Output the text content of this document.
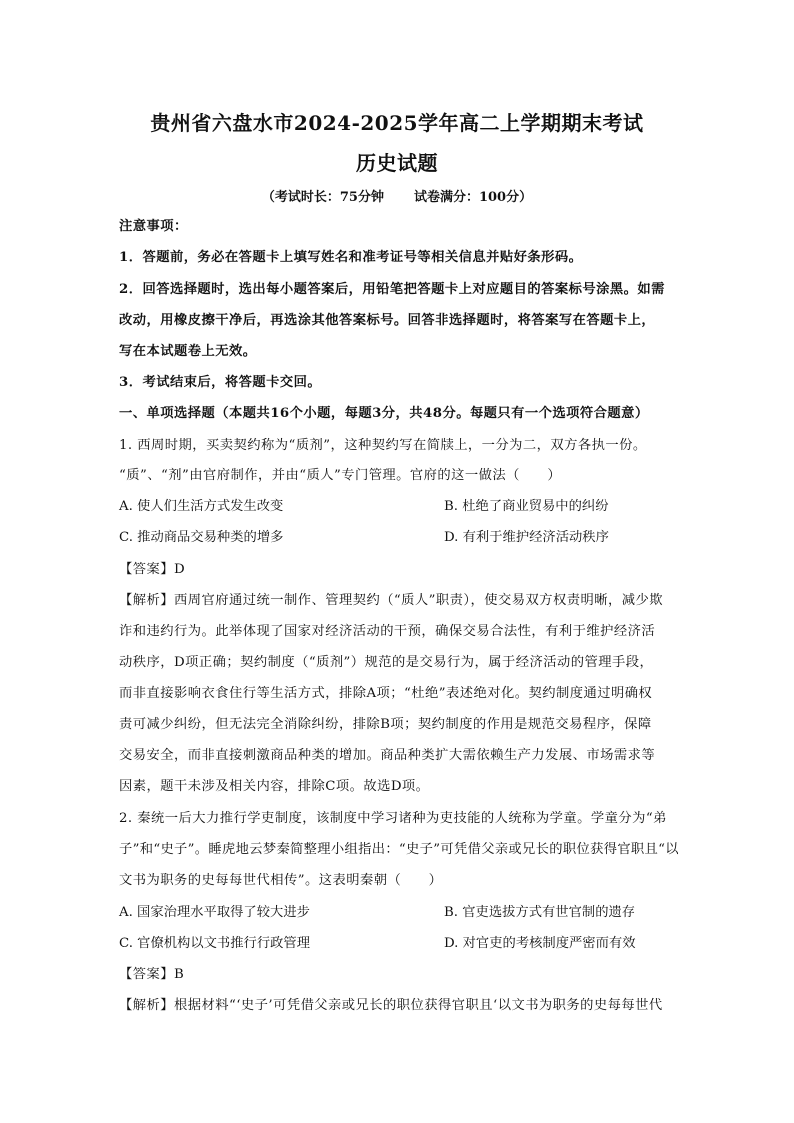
贵州省六盘水市2024-2025学年高二上学期期末考试
历史试题
（考试时长：75分钟 试卷满分：100分）
注意事项：
1．答题前，务必在答题卡上填写姓名和准考证号等相关信息并贴好条形码。
2．回答选择题时，选出每小题答案后，用铅笔把答题卡上对应题目的答案标号涂黑。如需
改动，用橡皮擦干净后，再选涂其他答案标号。回答非选择题时，将答案写在答题卡上，
写在本试题卷上无效。
3．考试结束后，将答题卡交回。
一、单项选择题（本题共16个小题，每题3分，共48分。每题只有一个选项符合题意）
1. 西周时期，买卖契约称为“质剂”，这种契约写在简牍上，一分为二，双方各执一份。
“质”、“剂”由官府制作，并由“质人”专门管理。官府的这一做法（　　）
A. 使人们生活方式发生改变	B. 杜绝了商业贸易中的纠纷
C. 推动商品交易种类的增多	D. 有利于维护经济活动秩序
【答案】D
【解析】西周官府通过统一制作、管理契约（“质人”职责），使交易双方权责明晰，减少欺
诈和违约行为。此举体现了国家对经济活动的干预，确保交易合法性，有利于维护经济活
动秩序，D项正确；契约制度（“质剂”）规范的是交易行为，属于经济活动的管理手段，
而非直接影响衣食住行等生活方式，排除A项；“杜绝”表述绝对化。契约制度通过明确权
责可减少纠纷，但无法完全消除纠纷，排除B项；契约制度的作用是规范交易程序，保障
交易安全，而非直接刺激商品种类的增加。商品种类扩大需依赖生产力发展、市场需求等
因素，题干未涉及相关内容，排除C项。故选D项。
2. 秦统一后大力推行学吏制度，该制度中学习诸种为吏技能的人统称为学童。学童分为“弟
子”和“史子”。睡虎地云梦秦简整理小组指出：“史子”可凭借父亲或兄长的职位获得官职且“以
文书为职务的史每每世代相传”。这表明秦朝（　　）
A. 国家治理水平取得了较大进步	B. 官吏选拔方式有世官制的遗存
C. 官僚机构以文书推行行政管理	D. 对官吏的考核制度严密而有效
【答案】B
【解析】根据材料“‘史子’可凭借父亲或兄长的职位获得官职且‘以文书为职务的史每每世代
